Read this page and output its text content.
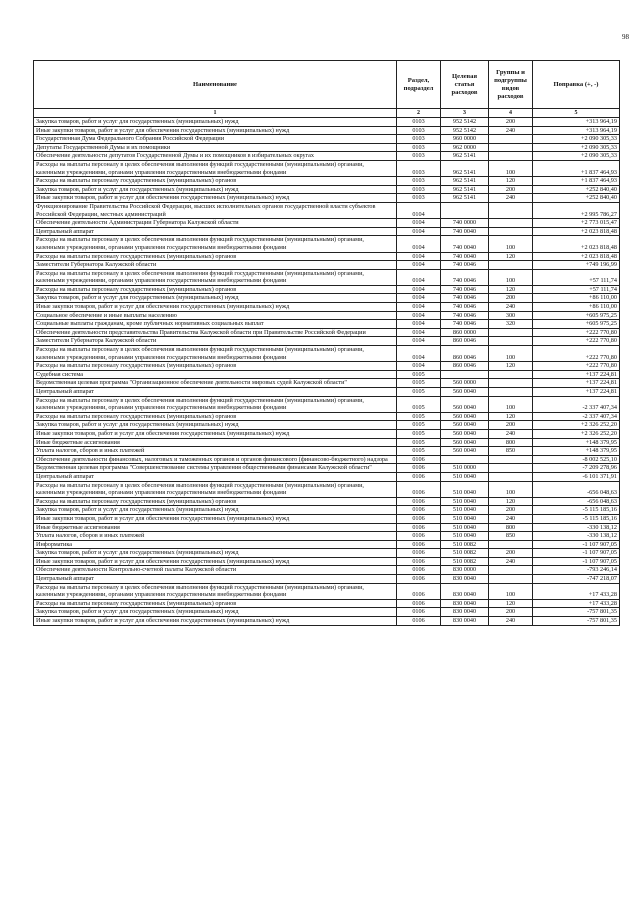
98
Наименование	Раздел, подраздел	Целевая статья расходов	Группы и подгруппы видов расходов	Поправка (+, -)
1	2	3	4	5
Закупка товаров, работ и услуг для государственных (муниципальных) нужд	0103	952 5142	200	+313 964,19
Иные закупки товаров, работ и услуг для обеспечения государственных (муниципальных) нужд	0103	952 5142	240	+313 964,19
Государственная Дума Федерального Собрания Российской Федерации	0103	960 0000		+2 090 305,33
Депутаты Государственной Думы и их помощники	0103	962 0000		+2 090 305,33
Обеспечение деятельности депутатов Государственной Думы и их помощников в избирательных округах	0103	962 5141		+2 090 305,33
Расходы на выплаты персоналу в целях обеспечения выполнения функций государственными (муниципальными) органами, казенными учреждениями, органами управления государственными внебюджетными фондами	0103	962 5141	100	+1 837 464,93
Расходы на выплаты персоналу государственных (муниципальных) органов	0103	962 5141	120	+1 837 464,93
Закупка товаров, работ и услуг для государственных (муниципальных) нужд	0103	962 5141	200	+252 840,40
Иные закупки товаров, работ и услуг для обеспечения государственных (муниципальных) нужд	0103	962 5141	240	+252 840,40
Функционирование Правительства Российской Федерации, высших исполнительных органов государственной власти субъектов Российской Федерации, местных администраций	0104			+2 995 786,27
Обеспечение деятельности Администрации Губернатора Калужской области	0104	740 0000		+2 773 015,47
Центральный аппарат	0104	740 0040		+2 023 818,48
Расходы на выплаты персоналу в целях обеспечения выполнения функций государственными (муниципальными) органами, казенными учреждениями, органами управления государственными внебюджетными фондами	0104	740 0040	100	+2 023 818,48
Расходы на выплаты персоналу государственных (муниципальных) органов	0104	740 0040	120	+2 023 818,48
Заместители Губернатора Калужской области	0104	740 0046		+749 196,99
Расходы на выплаты персоналу в целях обеспечения выполнения функций государственными (муниципальными) органами, казенными учреждениями, органами управления государственными внебюджетными фондами	0104	740 0046	100	+57 111,74
Расходы на выплаты персоналу государственных (муниципальных) органов	0104	740 0046	120	+57 111,74
Закупка товаров, работ и услуг для государственных (муниципальных) нужд	0104	740 0046	200	+86 110,00
Иные закупки товаров, работ и услуг для обеспечения государственных (муниципальных) нужд	0104	740 0046	240	+86 110,00
Социальное обеспечение и иные выплаты населению	0104	740 0046	300	+605 975,25
Социальные выплаты гражданам, кроме публичных нормативных социальных выплат	0104	740 0046	320	+605 975,25
Обеспечение деятельности представительства Правительства Калужской области при Правительстве Российской Федерации	0104	860 0000		+222 770,80
Заместители Губернатора Калужской области	0104	860 0046		+222 770,80
Расходы на выплаты персоналу в целях обеспечения выполнения функций государственными (муниципальными) органами, казенными учреждениями, органами управления государственными внебюджетными фондами	0104	860 0046	100	+222 770,80
Расходы на выплаты персоналу государственных (муниципальных) органов	0104	860 0046	120	+222 770,80
Судебная система	0105			+137 224,81
Ведомственная целевая программа "Организационное обеспечение деятельности мировых судей Калужской области"	0105	560 0000		+137 224,81
Центральный аппарат	0105	560 0040		+137 224,81
Расходы на выплаты персоналу в целях обеспечения выполнения функций государственными (муниципальными) органами, казенными учреждениями, органами управления государственными внебюджетными фондами	0105	560 0040	100	-2 337 407,34
Расходы на выплаты персоналу государственных (муниципальных) органов	0105	560 0040	120	-2 337 407,34
Закупка товаров, работ и услуг для государственных (муниципальных) нужд	0105	560 0040	200	+2 326 252,20
Иные закупки товаров, работ и услуг для обеспечения государственных (муниципальных) нужд	0105	560 0040	240	+2 326 252,20
Иные бюджетные ассигнования	0105	560 0040	800	+148 379,95
Уплата налогов, сборов и иных платежей	0105	560 0040	850	+148 379,95
Обеспечение деятельности финансовых, налоговых и таможенных органов и органов финансового (финансово-бюджетного) надзора	0106			-8 002 525,10
Ведомственная целевая программа "Совершенствование системы управления общественными финансами Калужской области"	0106	510 0000		-7 209 278,96
Центральный аппарат	0106	510 0040		-6 101 371,91
Расходы на выплаты персоналу в целях обеспечения выполнения функций государственными (муниципальными) органами, казенными учреждениями, органами управления государственными внебюджетными фондами	0106	510 0040	100	-656 048,63
Расходы на выплаты персоналу государственных (муниципальных) органов	0106	510 0040	120	-656 048,63
Закупка товаров, работ и услуг для государственных (муниципальных) нужд	0106	510 0040	200	-5 115 185,16
Иные закупки товаров, работ и услуг для обеспечения государственных (муниципальных) нужд	0106	510 0040	240	-5 115 185,16
Иные бюджетные ассигнования	0106	510 0040	800	-330 138,12
Уплата налогов, сборов и иных платежей	0106	510 0040	850	-330 138,12
Информатика	0106	510 0082		-1 107 907,05
Закупка товаров, работ и услуг для государственных (муниципальных) нужд	0106	510 0082	200	-1 107 907,05
Иные закупки товаров, работ и услуг для обеспечения государственных (муниципальных) нужд	0106	510 0082	240	-1 107 907,05
Обеспечение деятельности Контрольно-счетной палаты Калужской области	0106	830 0000		-793 246,14
Центральный аппарат	0106	830 0040		-747 218,07
Расходы на выплаты персоналу в целях обеспечения выполнения функций государственными (муниципальными) органами, казенными учреждениями, органами управления государственными внебюджетными фондами	0106	830 0040	100	+17 433,28
Расходы на выплаты персоналу государственных (муниципальных) органов	0106	830 0040	120	+17 433,28
Закупка товаров, работ и услуг для государственных (муниципальных) нужд	0106	830 0040	200	-757 801,35
Иные закупки товаров, работ и услуг для обеспечения государственных (муниципальных) нужд	0106	830 0040	240	-757 801,35
